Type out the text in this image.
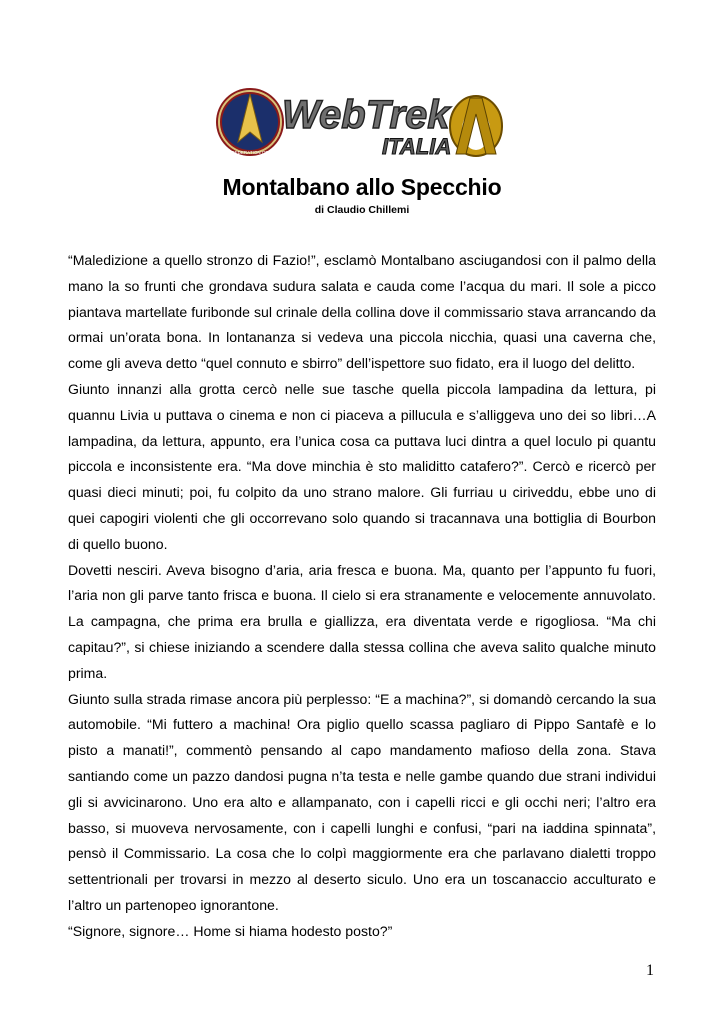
FEDERATION OF
WebTrek
ITALIA
Montalbano allo Specchio
di Claudio Chillemi

“Maledizione a quello stronzo di Fazio!”, esclamò Montalbano asciugandosi con il palmo della mano la so frunti che grondava sudura salata e cauda come l’acqua du mari. Il sole a picco piantava martellate furibonde sul crinale della collina dove il commissario stava arrancando da ormai un’orata bona. In lontananza si vedeva una piccola nicchia, quasi una caverna che, come gli aveva detto “quel connuto e sbirro” dell’ispettore suo fidato, era il luogo del delitto.

Giunto innanzi alla grotta cercò nelle sue tasche quella piccola lampadina da lettura, pi quannu Livia u puttava o cinema e non ci piaceva a pillucula e s’alliggeva uno dei so libri…A lampadina, da lettura, appunto, era l’unica cosa ca puttava luci dintra a quel loculo pi quantu piccola e inconsistente era. “Ma dove minchia è sto maliditto catafero?”. Cercò e ricercò per quasi dieci minuti; poi, fu colpito da uno strano malore. Gli furriau u ciriveddu, ebbe uno di quei capogiri violenti che gli occorrevano solo quando si tracannava una bottiglia di Bourbon di quello buono.

Dovetti nesciri. Aveva bisogno d’aria, aria fresca e buona. Ma, quanto per l’appunto fu fuori, l’aria non gli parve tanto frisca e buona. Il cielo si era stranamente e velocemente annuvolato. La campagna, che prima era brulla e giallizza, era diventata verde e rigogliosa. “Ma chi capitau?”, si chiese iniziando a scendere dalla stessa collina che aveva salito qualche minuto prima.

Giunto sulla strada rimase ancora più perplesso: “E a machina?”, si domandò cercando la sua automobile. “Mi futtero a machina! Ora piglio quello scassa pagliaro di Pippo Santafè e lo pisto a manati!”, commentò pensando al capo mandamento mafioso della zona. Stava santiando come un pazzo dandosi pugna n’ta testa e nelle gambe quando due strani individui gli si avvicinarono. Uno era alto e allampanato, con i capelli ricci e gli occhi neri; l’altro era basso, si muoveva nervosamente, con i capelli lunghi e confusi, “pari na iaddina spinnata”, pensò il Commissario. La cosa che lo colpì maggiormente era che parlavano dialetti troppo settentrionali per trovarsi in mezzo al deserto siculo. Uno era un toscanaccio acculturato e l’altro un partenopeo ignorantone.

“Signore, signore… Home si hiama hodesto posto?”

1
